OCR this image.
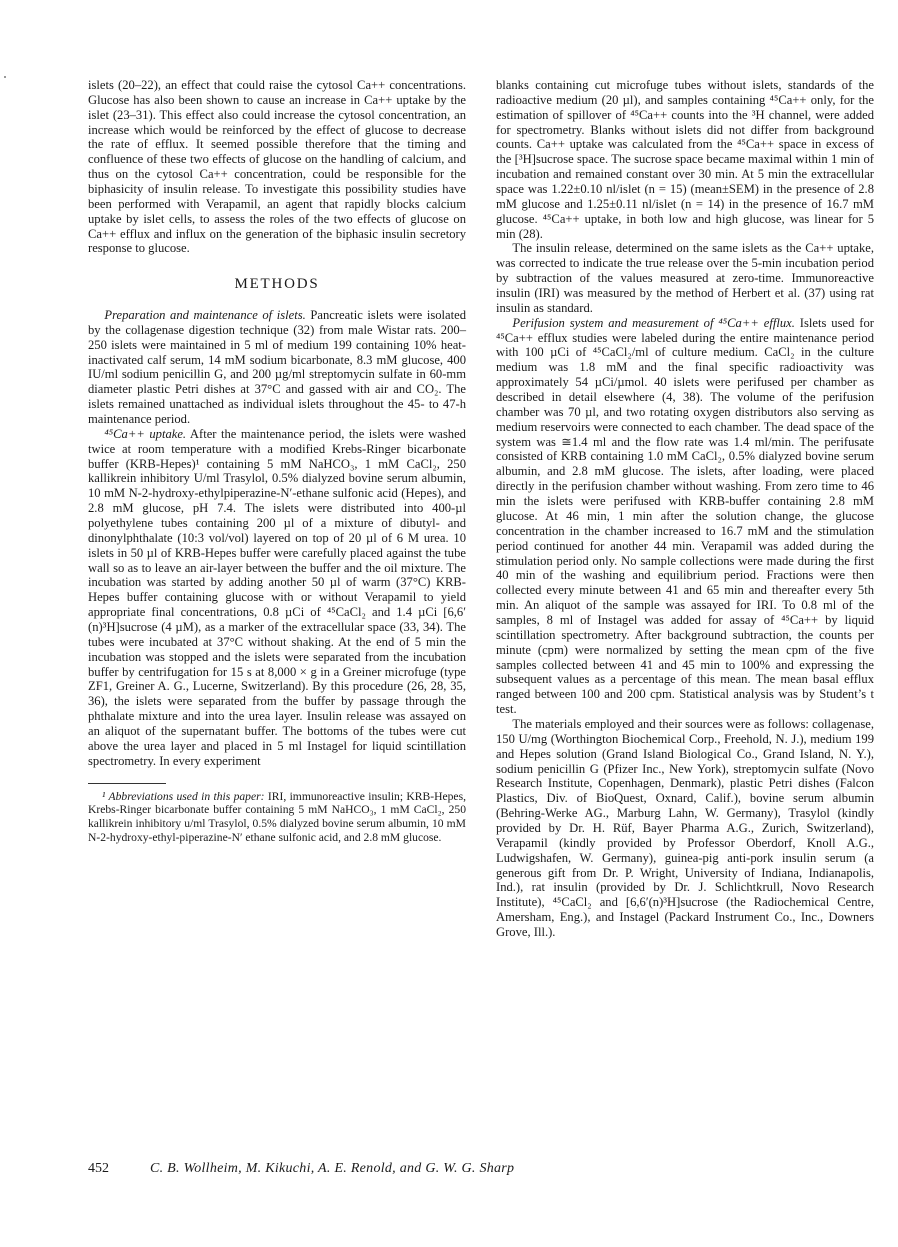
islets (20–22), an effect that could raise the cytosol Ca++ concentrations. Glucose has also been shown to cause an increase in Ca++ uptake by the islet (23–31). This effect also could increase the cytosol concentration, an increase which would be reinforced by the effect of glucose to decrease the rate of efflux. It seemed possible therefore that the timing and confluence of these two effects of glucose on the handling of calcium, and thus on the cytosol Ca++ concentration, could be responsible for the biphasicity of insulin release. To investigate this possibility studies have been performed with Verapamil, an agent that rapidly blocks calcium uptake by islet cells, to assess the roles of the two effects of glucose on Ca++ efflux and influx on the generation of the biphasic insulin secretory response to glucose.

METHODS

Preparation and maintenance of islets. Pancreatic islets were isolated by the collagenase digestion technique (32) from male Wistar rats. 200–250 islets were maintained in 5 ml of medium 199 containing 10% heat-inactivated calf serum, 14 mM sodium bicarbonate, 8.3 mM glucose, 400 IU/ml sodium penicillin G, and 200 µg/ml streptomycin sulfate in 60-mm diameter plastic Petri dishes at 37°C and gassed with air and CO₂. The islets remained unattached as individual islets throughout the 45- to 47-h maintenance period.

⁴⁵Ca++ uptake. After the maintenance period, the islets were washed twice at room temperature with a modified Krebs-Ringer bicarbonate buffer (KRB-Hepes)¹ containing 5 mM NaHCO₃, 1 mM CaCl₂, 250 kallikrein inhibitory U/ml Trasylol, 0.5% dialyzed bovine serum albumin, 10 mM N-2-hydroxy-ethylpiperazine-N′-ethane sulfonic acid (Hepes), and 2.8 mM glucose, pH 7.4. The islets were distributed into 400-µl polyethylene tubes containing 200 µl of a mixture of dibutyl- and dinonylphthalate (10:3 vol/vol) layered on top of 20 µl of 6 M urea. 10 islets in 50 µl of KRB-Hepes buffer were carefully placed against the tube wall so as to leave an air-layer between the buffer and the oil mixture. The incubation was started by adding another 50 µl of warm (37°C) KRB-Hepes buffer containing glucose with or without Verapamil to yield appropriate final concentrations, 0.8 µCi of ⁴⁵CaCl₂ and 1.4 µCi [6,6′(n)³H]sucrose (4 µM), as a marker of the extracellular space (33, 34). The tubes were incubated at 37°C without shaking. At the end of 5 min the incubation was stopped and the islets were separated from the incubation buffer by centrifugation for 15 s at 8,000 × g in a Greiner microfuge (type ZF1, Greiner A. G., Lucerne, Switzerland). By this procedure (26, 28, 35, 36), the islets were separated from the buffer by passage through the phthalate mixture and into the urea layer. Insulin release was assayed on an aliquot of the supernatant buffer. The bottoms of the tubes were cut above the urea layer and placed in 5 ml Instagel for liquid scintillation spectrometry. In every experiment

¹ Abbreviations used in this paper: IRI, immunoreactive insulin; KRB-Hepes, Krebs-Ringer bicarbonate buffer containing 5 mM NaHCO₃, 1 mM CaCl₂, 250 kallikrein inhibitory u/ml Trasylol, 0.5% dialyzed bovine serum albumin, 10 mM N-2-hydroxy-ethyl-piperazine-N′ ethane sulfonic acid, and 2.8 mM glucose.

blanks containing cut microfuge tubes without islets, standards of the radioactive medium (20 µl), and samples containing ⁴⁵Ca++ only, for the estimation of spillover of ⁴⁵Ca++ counts into the ³H channel, were added for spectrometry. Blanks without islets did not differ from background counts. Ca++ uptake was calculated from the ⁴⁵Ca++ space in excess of the [³H]sucrose space. The sucrose space became maximal within 1 min of incubation and remained constant over 30 min. At 5 min the extracellular space was 1.22±0.10 nl/islet (n = 15) (mean±SEM) in the presence of 2.8 mM glucose and 1.25±0.11 nl/islet (n = 14) in the presence of 16.7 mM glucose. ⁴⁵Ca++ uptake, in both low and high glucose, was linear for 5 min (28).

The insulin release, determined on the same islets as the Ca++ uptake, was corrected to indicate the true release over the 5-min incubation period by subtraction of the values measured at zero-time. Immunoreactive insulin (IRI) was measured by the method of Herbert et al. (37) using rat insulin as standard.

Perifusion system and measurement of ⁴⁵Ca++ efflux. Islets used for ⁴⁵Ca++ efflux studies were labeled during the entire maintenance period with 100 µCi of ⁴⁵CaCl₂/ml of culture medium. CaCl₂ in the culture medium was 1.8 mM and the final specific radioactivity was approximately 54 µCi/µmol. 40 islets were perifused per chamber as described in detail elsewhere (4, 38). The volume of the perifusion chamber was 70 µl, and two rotating oxygen distributors also serving as medium reservoirs were connected to each chamber. The dead space of the system was ≅1.4 ml and the flow rate was 1.4 ml/min. The perifusate consisted of KRB containing 1.0 mM CaCl₂, 0.5% dialyzed bovine serum albumin, and 2.8 mM glucose. The islets, after loading, were placed directly in the perifusion chamber without washing. From zero time to 46 min the islets were perifused with KRB-buffer containing 2.8 mM glucose. At 46 min, 1 min after the solution change, the glucose concentration in the chamber increased to 16.7 mM and the stimulation period continued for another 44 min. Verapamil was added during the stimulation period only. No sample collections were made during the first 40 min of the washing and equilibrium period. Fractions were then collected every minute between 41 and 65 min and thereafter every 5th min. An aliquot of the sample was assayed for IRI. To 0.8 ml of the samples, 8 ml of Instagel was added for assay of ⁴⁵Ca++ by liquid scintillation spectrometry. After background subtraction, the counts per minute (cpm) were normalized by setting the mean cpm of the five samples collected between 41 and 45 min to 100% and expressing the subsequent values as a percentage of this mean. The mean basal efflux ranged between 100 and 200 cpm. Statistical analysis was by Student’s t test.

The materials employed and their sources were as follows: collagenase, 150 U/mg (Worthington Biochemical Corp., Freehold, N. J.), medium 199 and Hepes solution (Grand Island Biological Co., Grand Island, N. Y.), sodium penicillin G (Pfizer Inc., New York), streptomycin sulfate (Novo Research Institute, Copenhagen, Denmark), plastic Petri dishes (Falcon Plastics, Div. of BioQuest, Oxnard, Calif.), bovine serum albumin (Behring-Werke AG., Marburg Lahn, W. Germany), Trasylol (kindly provided by Dr. H. Rüf, Bayer Pharma A.G., Zurich, Switzerland), Verapamil (kindly provided by Professor Oberdorf, Knoll A.G., Ludwigshafen, W. Germany), guinea-pig anti-pork insulin serum (a generous gift from Dr. P. Wright, University of Indiana, Indianapolis, Ind.), rat insulin (provided by Dr. J. Schlichtkrull, Novo Research Institute), ⁴⁵CaCl₂ and [6,6′(n)³H]sucrose (the Radiochemical Centre, Amersham, Eng.), and Instagel (Packard Instrument Co., Inc., Downers Grove, Ill.).

452	C. B. Wollheim, M. Kikuchi, A. E. Renold, and G. W. G. Sharp
